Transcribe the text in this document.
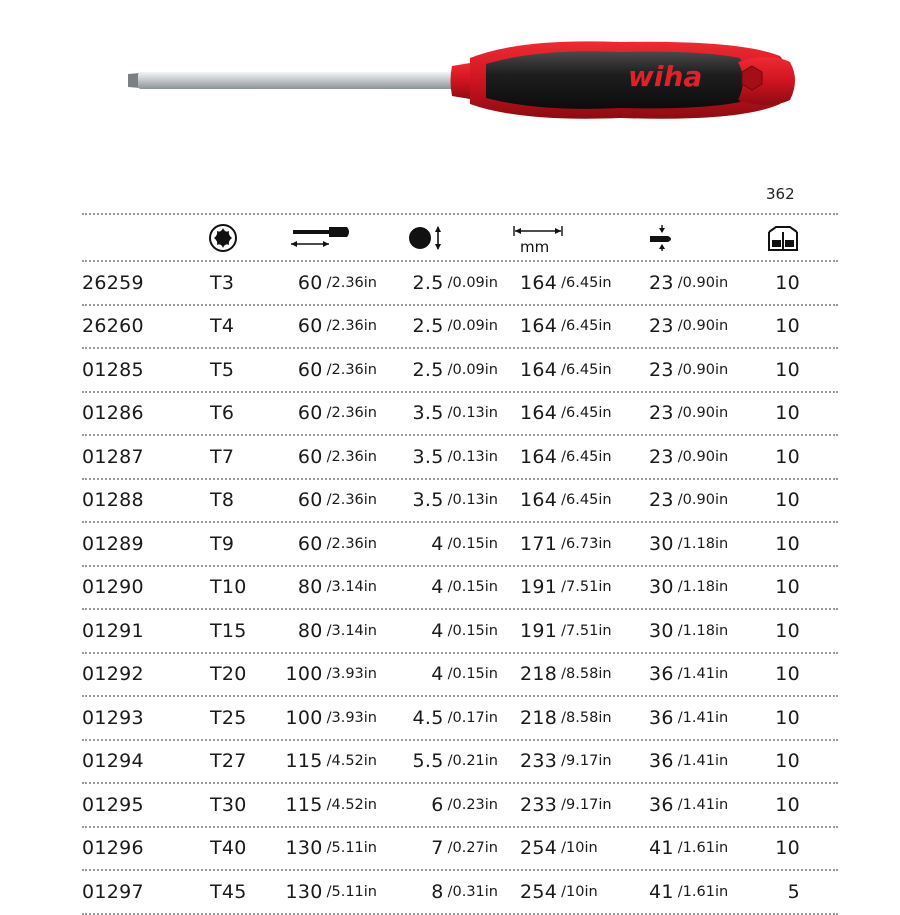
wiha
362
mm
26259	T3	60 /2.36in 2.5 /0.09in 164 /6.45in 23 /0.90in 10
26260	T4	60 /2.36in 2.5 /0.09in 164 /6.45in 23 /0.90in 10
01285	T5	60 /2.36in 2.5 /0.09in 164 /6.45in 23 /0.90in 10
01286	T6	60 /2.36in 3.5 /0.13in 164 /6.45in 23 /0.90in 10
01287	T7	60 /2.36in 3.5 /0.13in 164 /6.45in 23 /0.90in 10
01288	T8	60 /2.36in 3.5 /0.13in 164 /6.45in 23 /0.90in 10
01289	T9	60 /2.36in	4 /0.15in 171 /6.73in 30 /1.18in 10
01290	T10	80 /3.14in	4 /0.15in 191 /7.51in 30 /1.18in 10
01291	T15	80 /3.14in	4 /0.15in 191 /7.51in 30 /1.18in 10
01292	T20 100 /3.93in	4 /0.15in 218 /8.58in 36 /1.41in 10
01293	T25 100 /3.93in 4.5 /0.17in 218 /8.58in 36 /1.41in 10
01294	T27 115 /4.52in 5.5 /0.21in 233 /9.17in 36 /1.41in 10
01295	T30 115 /4.52in	6 /0.23in 233 /9.17in 36 /1.41in 10
01296	T40 130 /5.11in	7 /0.27in 254 /10in	41 /1.61in 10
01297	T45 130 /5.11in	8 /0.31in 254 /10in	41 /1.61in	5
